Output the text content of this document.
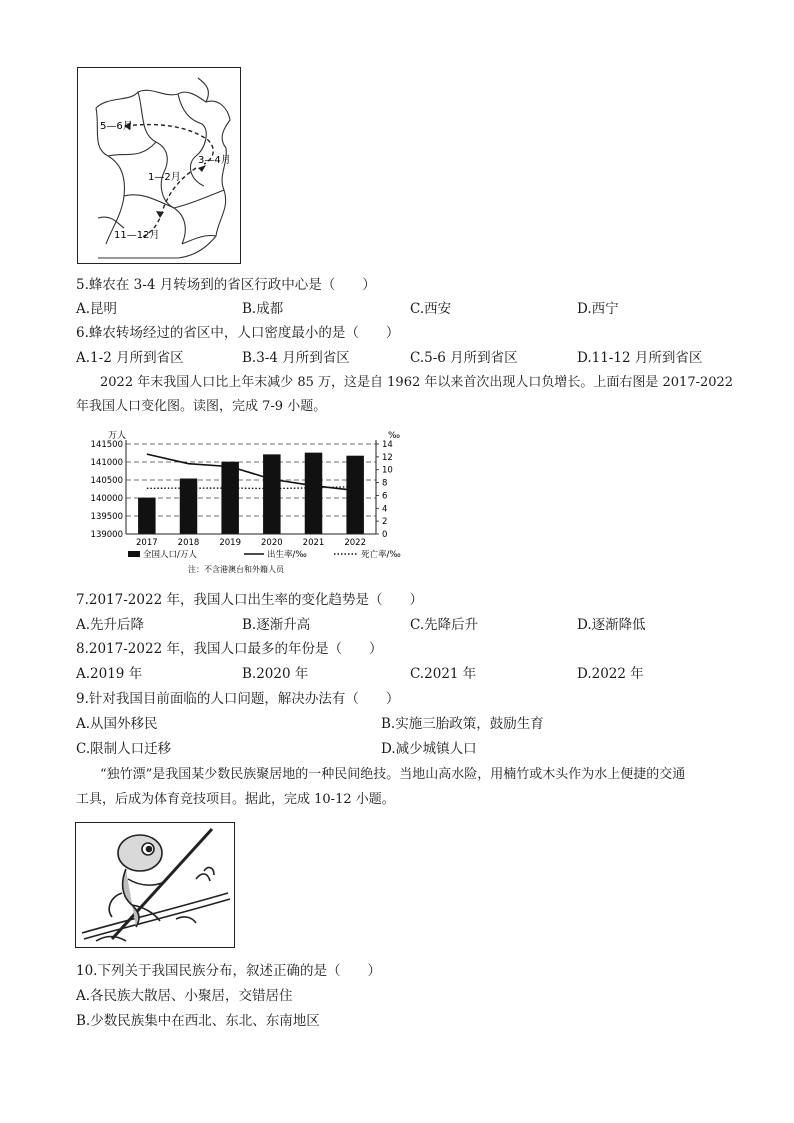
5—6月
3—4月
1—2月
11—12月
5.蜂农在 3-4 月转场到的省区行政中心是（　　）
A.昆明	B.成都	C.西安	D.西宁
6.蜂农转场经过的省区中，人口密度最小的是（　　）
A.1-2 月所到省区	B.3-4 月所到省区	C.5-6 月所到省区	D.11-12 月所到省区
2022 年末我国人口比上年末减少 85 万，这是自 1962 年以来首次出现人口负增长。上面右图是 2017-2022
年我国人口变化图。读图，完成 7-9 小题。
万人	‰
139000
139500
140000
140500
141000
141500
0
2
4
6
8
10
12
14
2017 2018 2019 2020 2021 2022
全国人口/万人	出生率/‰	死亡率/‰
注：不含港澳台和外籍人员
7.2017-2022 年，我国人口出生率的变化趋势是（　　）
A.先升后降	B.逐渐升高	C.先降后升	D.逐渐降低
8.2017-2022 年，我国人口最多的年份是（　　）
A.2019 年	B.2020 年	C.2021 年	D.2022 年
9.针对我国目前面临的人口问题，解决办法有（　　）
A.从国外移民	B.实施三胎政策，鼓励生育
C.限制人口迁移	D.减少城镇人口
“独竹漂”是我国某少数民族聚居地的一种民间绝技。当地山高水险，用楠竹或木头作为水上便捷的交通
工具，后成为体育竞技项目。据此，完成 10-12 小题。
10.下列关于我国民族分布，叙述正确的是（　　）
A.各民族大散居、小聚居，交错居住
B.少数民族集中在西北、东北、东南地区
